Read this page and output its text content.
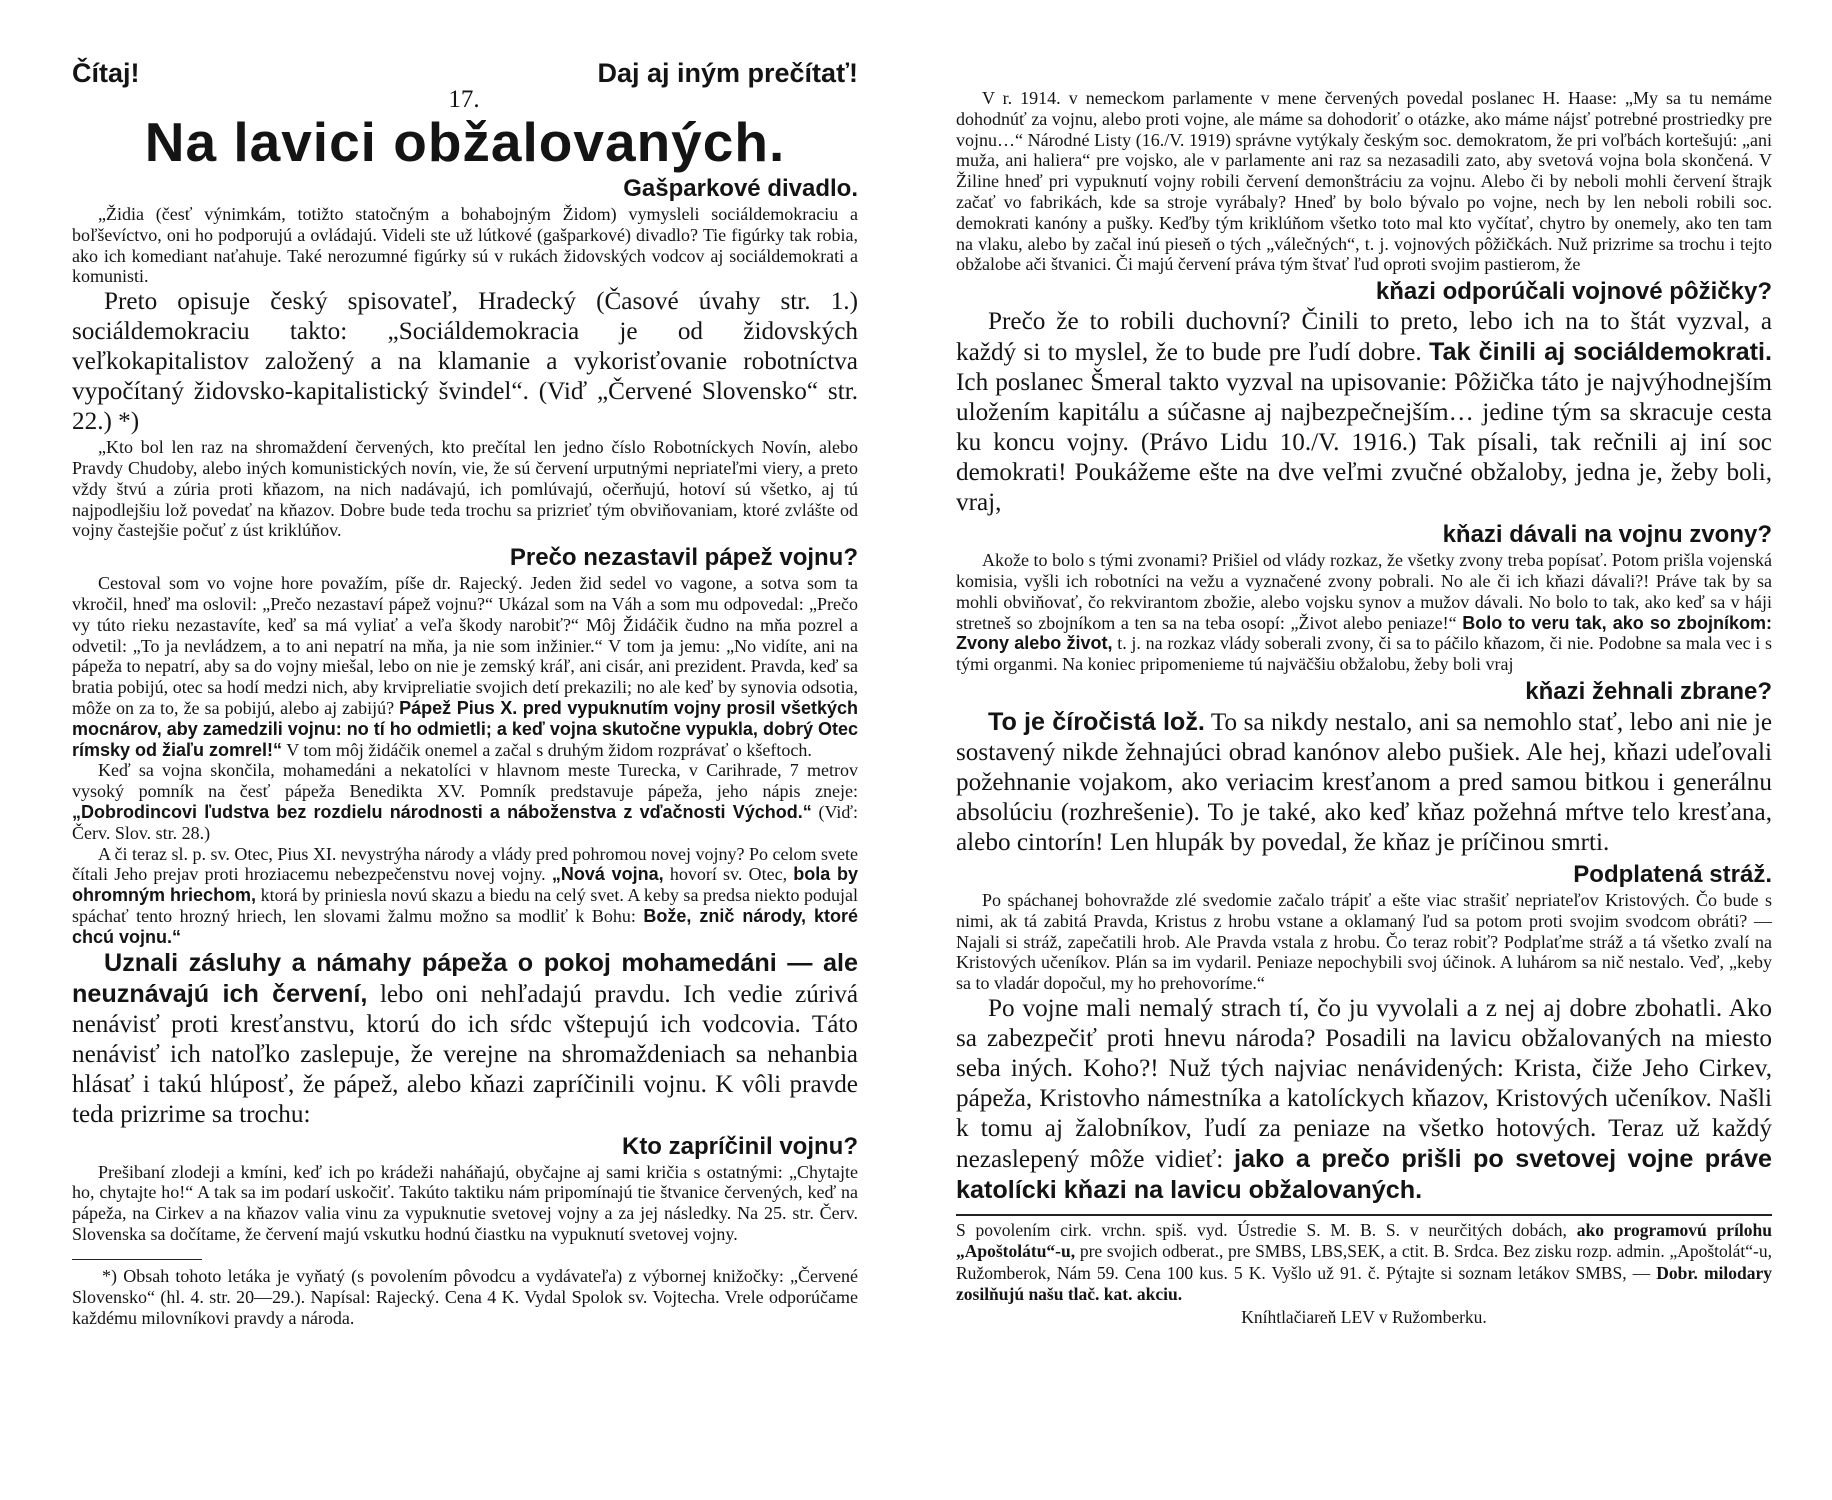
Čítaj!	Daj aj iným prečítať!
17.
Na lavici obžalovaných.
Gašparkové divadlo.

„Židia (česť výnimkám, totižto statočným a bohabojným Židom) vymysleli sociáldemokraciu a boľševíctvo, oni ho podporujú a ovládajú. Videli ste už lútkové (gašparkové) divadlo? Tie figúrky tak robia, ako ich komediant naťahuje. Také nerozumné figúrky sú v rukách židovských vodcov aj sociáldemokrati a komunisti.

Preto opisuje český spisovateľ, Hradecký (Časové úvahy str. 1.) sociáldemokraciu takto: „Sociáldemokracia je od židovských veľkokapitalistov založený a na klamanie a vykorisťovanie robotníctva vypočítaný židovsko-kapitalistický švindel“. (Viď „Červené Slovensko“ str. 22.) *)

„Kto bol len raz na shromaždení červených, kto prečítal len jedno číslo Robotníckych Novín, alebo Pravdy Chudoby, alebo iných komunistických novín, vie, že sú červení urputnými nepriateľmi viery, a preto vždy štvú a zúria proti kňazom, na nich nadávajú, ich pomlúvajú, očerňujú, hotoví sú všetko, aj tú najpodlejšiu lož povedať na kňazov. Dobre bude teda trochu sa prizrieť tým obviňovaniam, ktoré zvlášte od vojny častejšie počuť z úst kriklúňov.

Prečo nezastavil pápež vojnu?

Cestoval som vo vojne hore považím, píše dr. Rajecký. Jeden žid sedel vo vagone, a sotva som ta vkročil, hneď ma oslovil: „Prečo nezastaví pápež vojnu?“ Ukázal som na Váh a som mu odpovedal: „Prečo vy túto rieku nezastavíte, keď sa má vyliať a veľa škody narobiť?“ Môj Židáčik čudno na mňa pozrel a odvetil: „To ja nevládzem, a to ani nepatrí na mňa, ja nie som inžinier.“ V tom ja jemu: „No vidíte, ani na pápeža to nepatrí, aby sa do vojny miešal, lebo on nie je zemský kráľ, ani cisár, ani prezident. Pravda, keď sa bratia pobijú, otec sa hodí medzi nich, aby krvipreliatie svojich detí prekazili; no ale keď by synovia odsotia, môže on za to, že sa pobijú, alebo aj zabijú? Pápež Pius X. pred vypuknutím vojny prosil všetkých mocnárov, aby zamedzili vojnu: no tí ho odmietli; a keď vojna skutočne vypukla, dobrý Otec rímsky od žiaľu zomrel!“ V tom môj židáčik onemel a začal s druhým židom rozprávať o kšeftoch.

Keď sa vojna skončila, mohamedáni a nekatolíci v hlavnom meste Turecka, v Carihrade, 7 metrov vysoký pomník na česť pápeža Benedikta XV. Pomník predstavuje pápeža, jeho nápis zneje: „Dobrodincovi ľudstva bez rozdielu národnosti a náboženstva z vďačnosti Východ.“ (Viď: Červ. Slov. str. 28.)

A či teraz sl. p. sv. Otec, Pius XI. nevystrýha národy a vlády pred pohromou novej vojny? Po celom svete čítali Jeho prejav proti hroziacemu nebezpečenstvu novej vojny. „Nová vojna, hovorí sv. Otec, bola by ohromným hriechom, ktorá by priniesla novú skazu a biedu na celý svet. A keby sa predsa niekto podujal spáchať tento hrozný hriech, len slovami žalmu možno sa modliť k Bohu: Bože, znič národy, ktoré chcú vojnu.“

Uznali zásluhy a námahy pápeža o pokoj mohamedáni — ale neuznávajú ich červení, lebo oni nehľadajú pravdu. Ich vedie zúrivá nenávisť proti kresťanstvu, ktorú do ich sŕdc vštepujú ich vodcovia. Táto nenávisť ich natoľko zaslepuje, že verejne na shromaždeniach sa nehanbia hlásať i takú hlúposť, že pápež, alebo kňazi zapríčinili vojnu. K vôli pravde teda prizrime sa trochu:

Kto zapríčinil vojnu?

Prešibaní zlodeji a kmíni, keď ich po krádeži naháňajú, obyčajne aj sami kričia s ostatnými: „Chytajte ho, chytajte ho!“ A tak sa im podarí uskočiť. Takúto taktiku nám pripomínajú tie štvanice červených, keď na pápeža, na Cirkev a na kňazov valia vinu za vypuknutie svetovej vojny a za jej následky. Na 25. str. Červ. Slovenska sa dočítame, že červení majú vskutku hodnú čiastku na vypuknutí svetovej vojny.

*) Obsah tohoto letáka je vyňatý (s povolením pôvodcu a vydávateľa) z výbornej knižočky: „Červené Slovensko“ (hl. 4. str. 20—29.). Napísal: Rajecký. Cena 4 K. Vydal Spolok sv. Vojtecha. Vrele odporúčame každému milovníkovi pravdy a národa.

V r. 1914. v nemeckom parlamente v mene červených povedal poslanec H. Haase: „My sa tu nemáme dohodnúť za vojnu, alebo proti vojne, ale máme sa dohodoriť o otázke, ako máme nájsť potrebné prostriedky pre vojnu…“ Národné Listy (16./V. 1919) správne vytýkaly českým soc. demokratom, že pri voľbách kortešujú: „ani muža, ani haliera“ pre vojsko, ale v parlamente ani raz sa nezasadili zato, aby svetová vojna bola skončená. V Žiline hneď pri vypuknutí vojny robili červení demonštráciu za vojnu. Alebo či by neboli mohli červení štrajk začať vo fabrikách, kde sa stroje vyrábaly? Hneď by bolo bývalo po vojne, nech by len neboli robili soc. demokrati kanóny a pušky. Keďby tým kriklúňom všetko toto mal kto vyčítať, chytro by onemely, ako ten tam na vlaku, alebo by začal inú pieseň o tých „válečných“, t. j. vojnových pôžičkách. Nuž prizrime sa trochu i tejto obžalobe ači štvanici. Či majú červení práva tým štvať ľud oproti svojim pastierom, že

kňazi odporúčali vojnové pôžičky?

Prečo že to robili duchovní? Činili to preto, lebo ich na to štát vyzval, a každý si to myslel, že to bude pre ľudí dobre. Tak činili aj sociáldemokrati. Ich poslanec Šmeral takto vyzval na upisovanie: Pôžička táto je najvýhodnejším uložením kapitálu a súčasne aj najbezpečnejším… jedine tým sa skracuje cesta ku koncu vojny. (Právo Lidu 10./V. 1916.) Tak písali, tak rečnili aj iní soc demokrati! Poukážeme ešte na dve veľmi zvučné obžaloby, jedna je, žeby boli, vraj,

kňazi dávali na vojnu zvony?

Akože to bolo s tými zvonami? Prišiel od vlády rozkaz, že všetky zvony treba popísať. Potom prišla vojenská komisia, vyšli ich robotníci na vežu a vyznačené zvony pobrali. No ale či ich kňazi dávali?! Práve tak by sa mohli obviňovať, čo rekvirantom zbožie, alebo vojsku synov a mužov dávali. No bolo to tak, ako keď sa v háji stretneš so zbojníkom a ten sa na teba osopí: „Život alebo peniaze!“ Bolo to veru tak, ako so zbojníkom: Zvony alebo život, t. j. na rozkaz vlády soberali zvony, či sa to páčilo kňazom, či nie. Podobne sa mala vec i s tými organmi. Na koniec pripomenieme tú najväčšiu obžalobu, žeby boli vraj

kňazi žehnali zbrane?

To je číročistá lož. To sa nikdy nestalo, ani sa nemohlo stať, lebo ani nie je sostavený nikde žehnajúci obrad kanónov alebo pušiek. Ale hej, kňazi udeľovali požehnanie vojakom, ako veriacim kresťanom a pred samou bitkou i generálnu absolúciu (rozhrešenie). To je také, ako keď kňaz požehná mŕtve telo kresťana, alebo cintorín! Len hlupák by povedal, že kňaz je príčinou smrti.

Podplatená stráž.

Po spáchanej bohovražde zlé svedomie začalo trápiť a ešte viac strašiť nepriateľov Kristových. Čo bude s nimi, ak tá zabitá Pravda, Kristus z hrobu vstane a oklamaný ľud sa potom proti svojim svodcom obráti? — Najali si stráž, zapečatili hrob. Ale Pravda vstala z hrobu. Čo teraz robiť? Podplaťme stráž a tá všetko zvalí na Kristových učeníkov. Plán sa im vydaril. Peniaze nepochybili svoj účinok. A luhárom sa nič nestalo. Veď, „keby sa to vladár dopočul, my ho prehovoríme.“

Po vojne mali nemalý strach tí, čo ju vyvolali a z nej aj dobre zbohatli. Ako sa zabezpečiť proti hnevu národa? Posadili na lavicu obžalovaných na miesto seba iných. Koho?! Nuž tých najviac nenávidených: Krista, čiže Jeho Cirkev, pápeža, Kristovho námestníka a katolíckych kňazov, Kristových učeníkov. Našli k tomu aj žalobníkov, ľudí za peniaze na všetko hotových. Teraz už každý nezaslepený môže vidieť: jako a prečo prišli po svetovej vojne práve katolícki kňazi na lavicu obžalovaných.

S povolením cirk. vrchn. spiš. vyd. Ústredie S. M. B. S. v neurčitých dobách, ako programovú prílohu „Apoštolátu“-u, pre svojich odberat., pre SMBS, LBS,SEK, a ctit. B. Srdca. Bez zisku rozp. admin. „Apoštolát“-u, Ružomberok, Nám 59. Cena 100 kus. 5 K. Vyšlo už 91. č. Pýtajte si soznam letákov SMBS, — Dobr. milodary zosilňujú našu tlač. kat. akciu.

Kníhtlačiareň LEV v Ružomberku.
